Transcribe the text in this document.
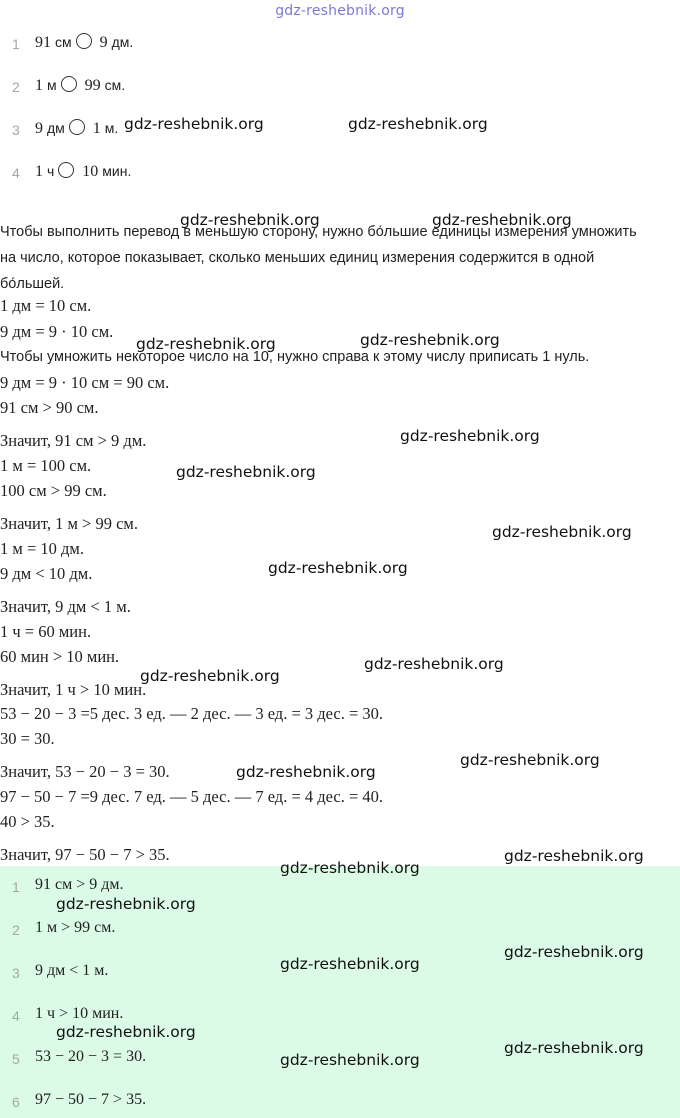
gdz-reshebnik.org
1 91 см 9 дм.
2 1 м 99 см.
3 9 дм 1 м.
4 1 ч 10 мин.
Чтобы выполнить перевод в меньшую сторону, нужно бо́льшие единицы измерения умножить на число, которое показывает, сколько меньших единиц измерения содержится в одной бо́льшей.
1 дм = 10 см.
9 дм = 9 · 10 см.
Чтобы умножить некоторое число на 10, нужно справа к этому числу приписать 1 нуль.
9 дм = 9 · 10 см = 90 см.
91 см > 90 см.
Значит, 91 см > 9 дм.
1 м = 100 см.
100 см > 99 см.
Значит, 1 м > 99 см.
1 м = 10 дм.
9 дм < 10 дм.
Значит, 9 дм < 1 м.
1 ч = 60 мин.
60 мин > 10 мин.
Значит, 1 ч > 10 мин.
53 − 20 − 3 =5 дес. 3 ед. — 2 дес. — 3 ед. = 3 дес. = 30.
30 = 30.
Значит, 53 − 20 − 3 = 30.
97 − 50 − 7 =9 дес. 7 ед. — 5 дес. — 7 ед. = 4 дес. = 40.
40 > 35.
Значит, 97 − 50 − 7 > 35.
1 91 см > 9 дм.
2 1 м > 99 см.
3 9 дм < 1 м.
4 1 ч > 10 мин.
5 53 − 20 − 3 = 30.
6 97 − 50 − 7 > 35.
gdz-reshebnik.org	gdz-reshebnik.org
gdz-reshebnik.org	gdz-reshebnik.org
gdz-reshebnik.org	gdz-reshebnik.org
gdz-reshebnik.org
gdz-reshebnik.org
gdz-reshebnik.org
gdz-reshebnik.org
gdz-reshebnik.org
gdz-reshebnik.org
gdz-reshebnik.org
gdz-reshebnik.org
gdz-reshebnik.org
gdz-reshebnik.org
gdz-reshebnik.org
gdz-reshebnik.org
gdz-reshebnik.org
gdz-reshebnik.org
gdz-reshebnik.org
gdz-reshebnik.org
